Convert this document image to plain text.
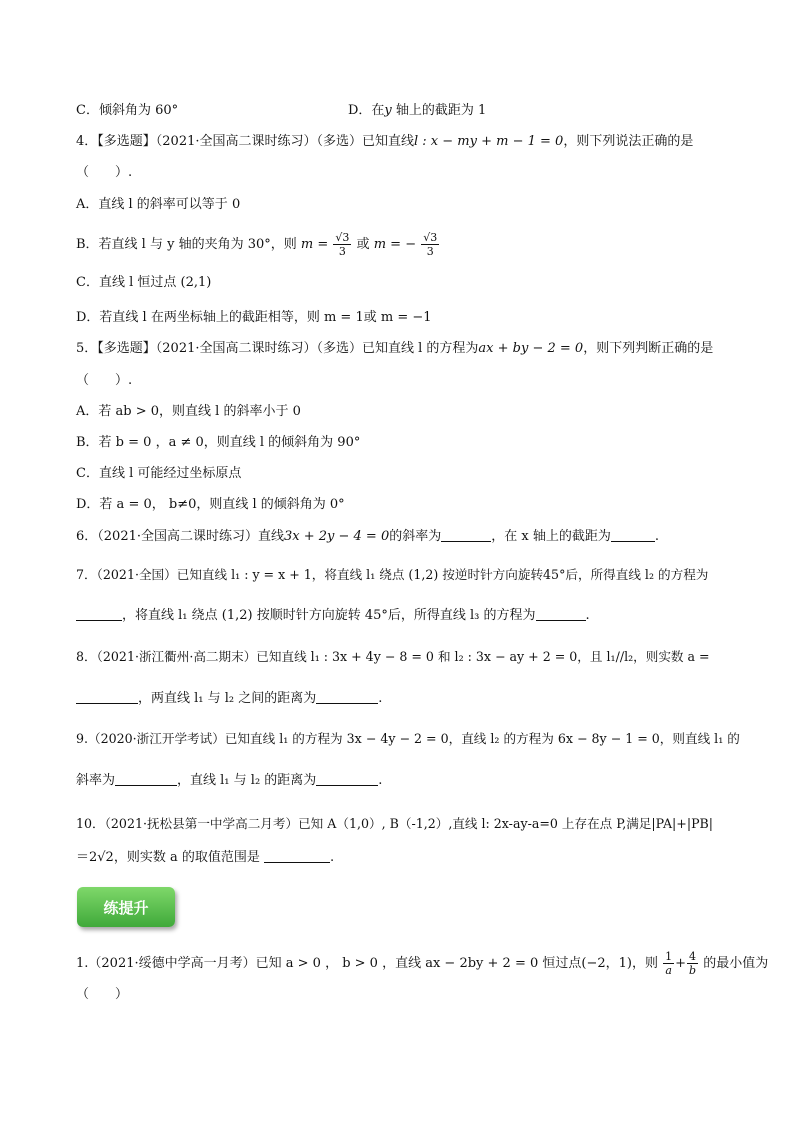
C．倾斜角为 60°	D．在𝑦 轴上的截距为 1
4．【多选题】（2021·全国高二课时练习）（多选）已知直线l : x − my + m − 1 = 0，则下列说法正确的是
（　　）.
A．直线 l 的斜率可以等于 0
B．若直线 l 与 y 轴的夹角为 30°，则 $m = \frac{√3}{3}$ 或 m = − $\frac{√3}{3}$
C．直线 l 恒过点 (2,1)
D．若直线 l 在两坐标轴上的截距相等，则 m = 1或 m = −1
5．【多选题】（2021·全国高二课时练习）（多选）已知直线 l 的方程为ax + by − 2 = 0，则下列判断正确的是
（　　）.
A．若 ab > 0，则直线 l 的斜率小于 0
B．若 b = 0 ，a ≠ 0，则直线 l 的倾斜角为 90°
C．直线 l 可能经过坐标原点
D．若 a = 0， b≠0，则直线 l 的倾斜角为 0°
6．（2021·全国高二课时练习）直线3x + 2y − 4 = 0的斜率为	，在 x 轴上的截距为	.
7．（2021·全国）已知直线 l₁ : y = x + 1，将直线 l₁ 绕点 (1,2) 按逆时针方向旋转45°后，所得直线 l₂ 的方程为
，将直线 l₁ 绕点 (1,2) 按顺时针方向旋转 45°后，所得直线 l₃ 的方程为	.
8．（2021·浙江衢州·高二期末）已知直线 l₁ : 3x + 4y − 8 = 0 和 l₂ : 3x − ay + 2 = 0，且 l₁//l₂，则实数 a =
，两直线 l₁ 与 l₂ 之间的距离为	.
9.（2020·浙江开学考试）已知直线 l₁ 的方程为 3x − 4y − 2 = 0，直线 l₂ 的方程为 6x − 8y − 1 = 0，则直线 l₁ 的
斜率为	，直线 l₁ 与 l₂ 的距离为	.
10．（2021·抚松县第一中学高二月考）已知 A（1,0）, B（-1,2）,直线 l: 2x-ay-a=0 上存在点 P,满足|PA|+|PB|
＝2√2，则实数 a 的取值范围是	.
练提升
1.（2021·绥德中学高一月考）已知 a > 0 ， b > 0 ，直线 ax − 2by + 2 = 0 恒过点(−2，1)，则 $\frac{1}{a} + \frac{4}{b}$ 的最小值为
（　　）
